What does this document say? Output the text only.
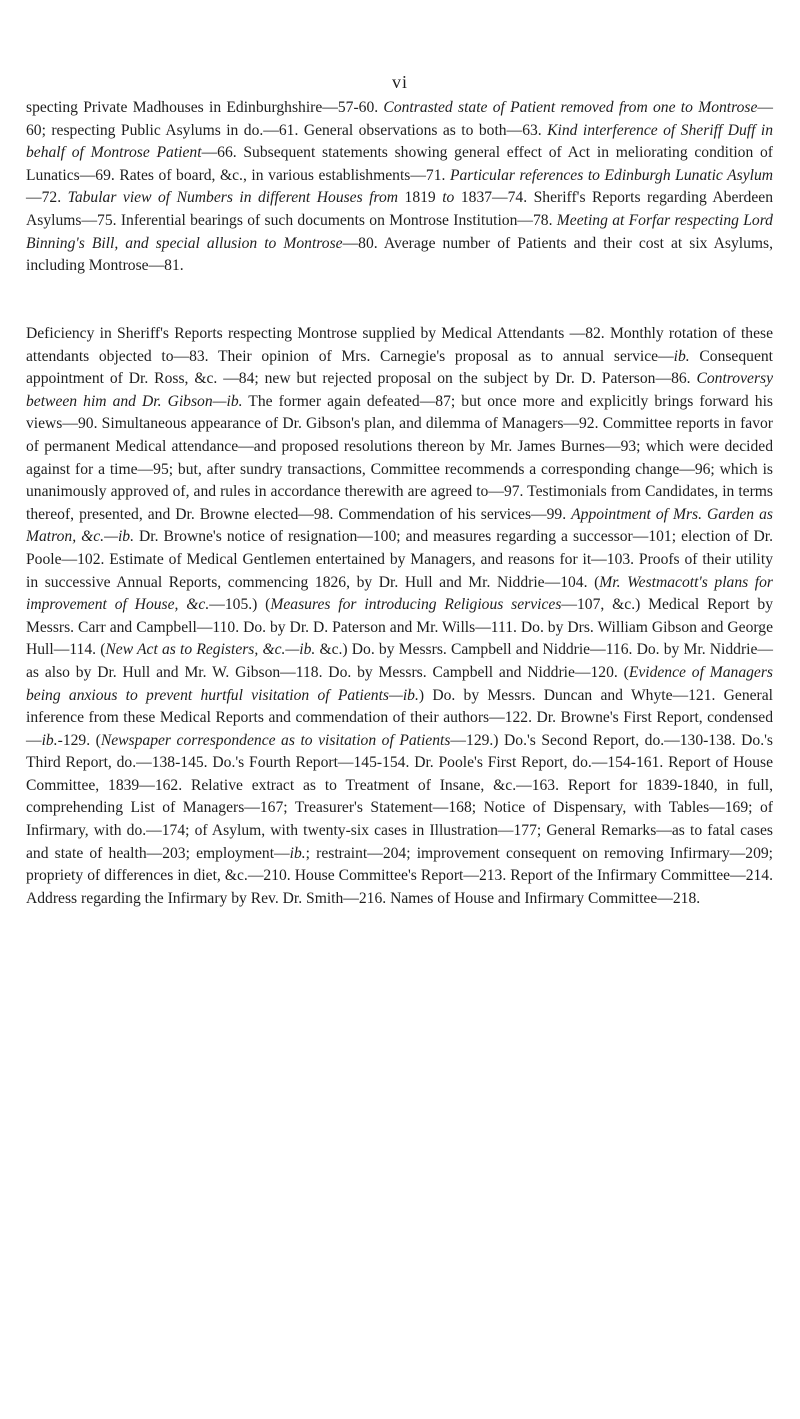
vi

specting Private Madhouses in Edinburghshire—57-60. Contrasted state of Patient removed from one to Montrose—60; respecting Public Asylums in do.—61. General observations as to both—63. Kind interference of Sheriff Duff in behalf of Montrose Patient—66. Subsequent statements showing general effect of Act in meliorating condition of Lunatics—69. Rates of board, &c., in various establishments—71. Particular references to Edinburgh Lunatic Asylum—72. Tabular view of Numbers in different Houses from 1819 to 1837—74. Sheriff's Reports regarding Aberdeen Asylums—75. Inferential bearings of such documents on Montrose Institution—78. Meeting at Forfar respecting Lord Binning's Bill, and special allusion to Montrose—80. Average number of Patients and their cost at six Asylums, including Montrose—81.

Deficiency in Sheriff's Reports respecting Montrose supplied by Medical Attendants —82. Monthly rotation of these attendants objected to—83. Their opinion of Mrs. Carnegie's proposal as to annual service—ib. Consequent appointment of Dr. Ross, &c. —84; new but rejected proposal on the subject by Dr. D. Paterson—86. Controversy between him and Dr. Gibson—ib. The former again defeated—87; but once more and explicitly brings forward his views—90. Simultaneous appearance of Dr. Gibson's plan, and dilemma of Managers—92. Committee reports in favor of permanent Medical attendance—and proposed resolutions thereon by Mr. James Burnes—93; which were decided against for a time—95; but, after sundry transactions, Committee recommends a corresponding change—96; which is unanimously approved of, and rules in accordance therewith are agreed to—97. Testimonials from Candidates, in terms thereof, presented, and Dr. Browne elected—98. Commendation of his services—99. Appointment of Mrs. Garden as Matron, &c.—ib. Dr. Browne's notice of resignation—100; and measures regarding a successor—101; election of Dr. Poole—102. Estimate of Medical Gentlemen entertained by Managers, and reasons for it—103. Proofs of their utility in successive Annual Reports, commencing 1826, by Dr. Hull and Mr. Niddrie—104. (Mr. Westmacott's plans for improvement of House, &c.—105.) (Measures for introducing Religious services—107, &c.) Medical Report by Messrs. Carr and Campbell—110. Do. by Dr. D. Paterson and Mr. Wills—111. Do. by Drs. William Gibson and George Hull—114. (New Act as to Registers, &c.—ib. &c.) Do. by Messrs. Campbell and Niddrie—116. Do. by Mr. Niddrie—as also by Dr. Hull and Mr. W. Gibson—118. Do. by Messrs. Campbell and Niddrie—120. (Evidence of Managers being anxious to prevent hurtful visitation of Patients—ib.) Do. by Messrs. Duncan and Whyte—121. General inference from these Medical Reports and commendation of their authors—122. Dr. Browne's First Report, condensed—ib.-129. (Newspaper correspondence as to visitation of Patients—129.) Do.'s Second Report, do.—130-138. Do.'s Third Report, do.—138-145. Do.'s Fourth Report—145-154. Dr. Poole's First Report, do.—154-161. Report of House Committee, 1839—162. Relative extract as to Treatment of Insane, &c.—163. Report for 1839-1840, in full, comprehending List of Managers—167; Treasurer's Statement—168; Notice of Dispensary, with Tables—169; of Infirmary, with do.—174; of Asylum, with twenty-six cases in Illustration—177; General Remarks—as to fatal cases and state of health—203; employment—ib.; restraint—204; improvement consequent on removing Infirmary—209; propriety of differences in diet, &c.—210. House Committee's Report—213. Report of the Infirmary Committee—214. Address regarding the Infirmary by Rev. Dr. Smith—216. Names of House and Infirmary Committee—218.
